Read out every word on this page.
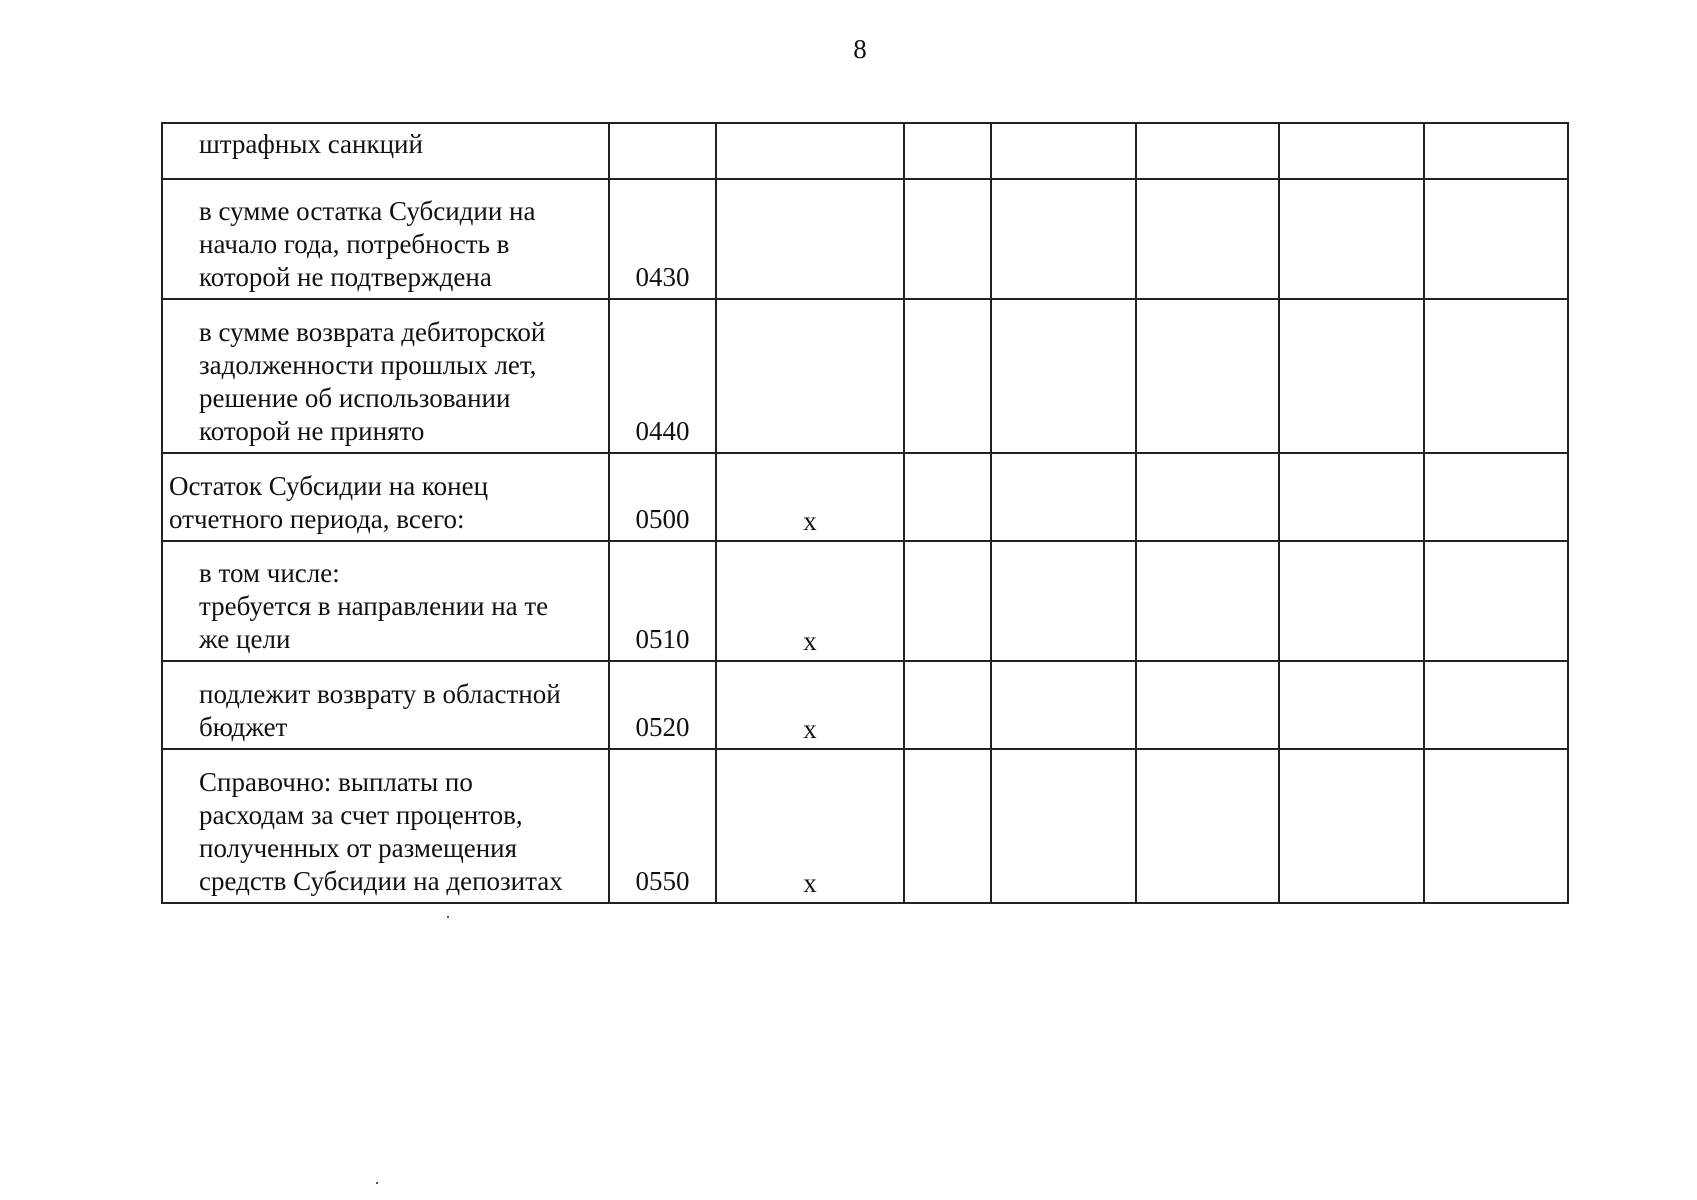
8
штрафных санкций							

в сумме остатка Субсидии на
начало года, потребность в
которой не подтверждена	0430						

в сумме возврата дебиторской
задолженности прошлых лет,
решение об использовании
которой не принято	0440						

Остаток Субсидии на конец
отчетного периода, всего:	0500	x					

в том числе:
требуется в направлении на те
же цели	0510	x					

подлежит возврату в областной
бюджет	0520	x					

Справочно: выплаты по
расходам за счет процентов,
полученных от размещения
средств Субсидии на депозитах	0550	x					
